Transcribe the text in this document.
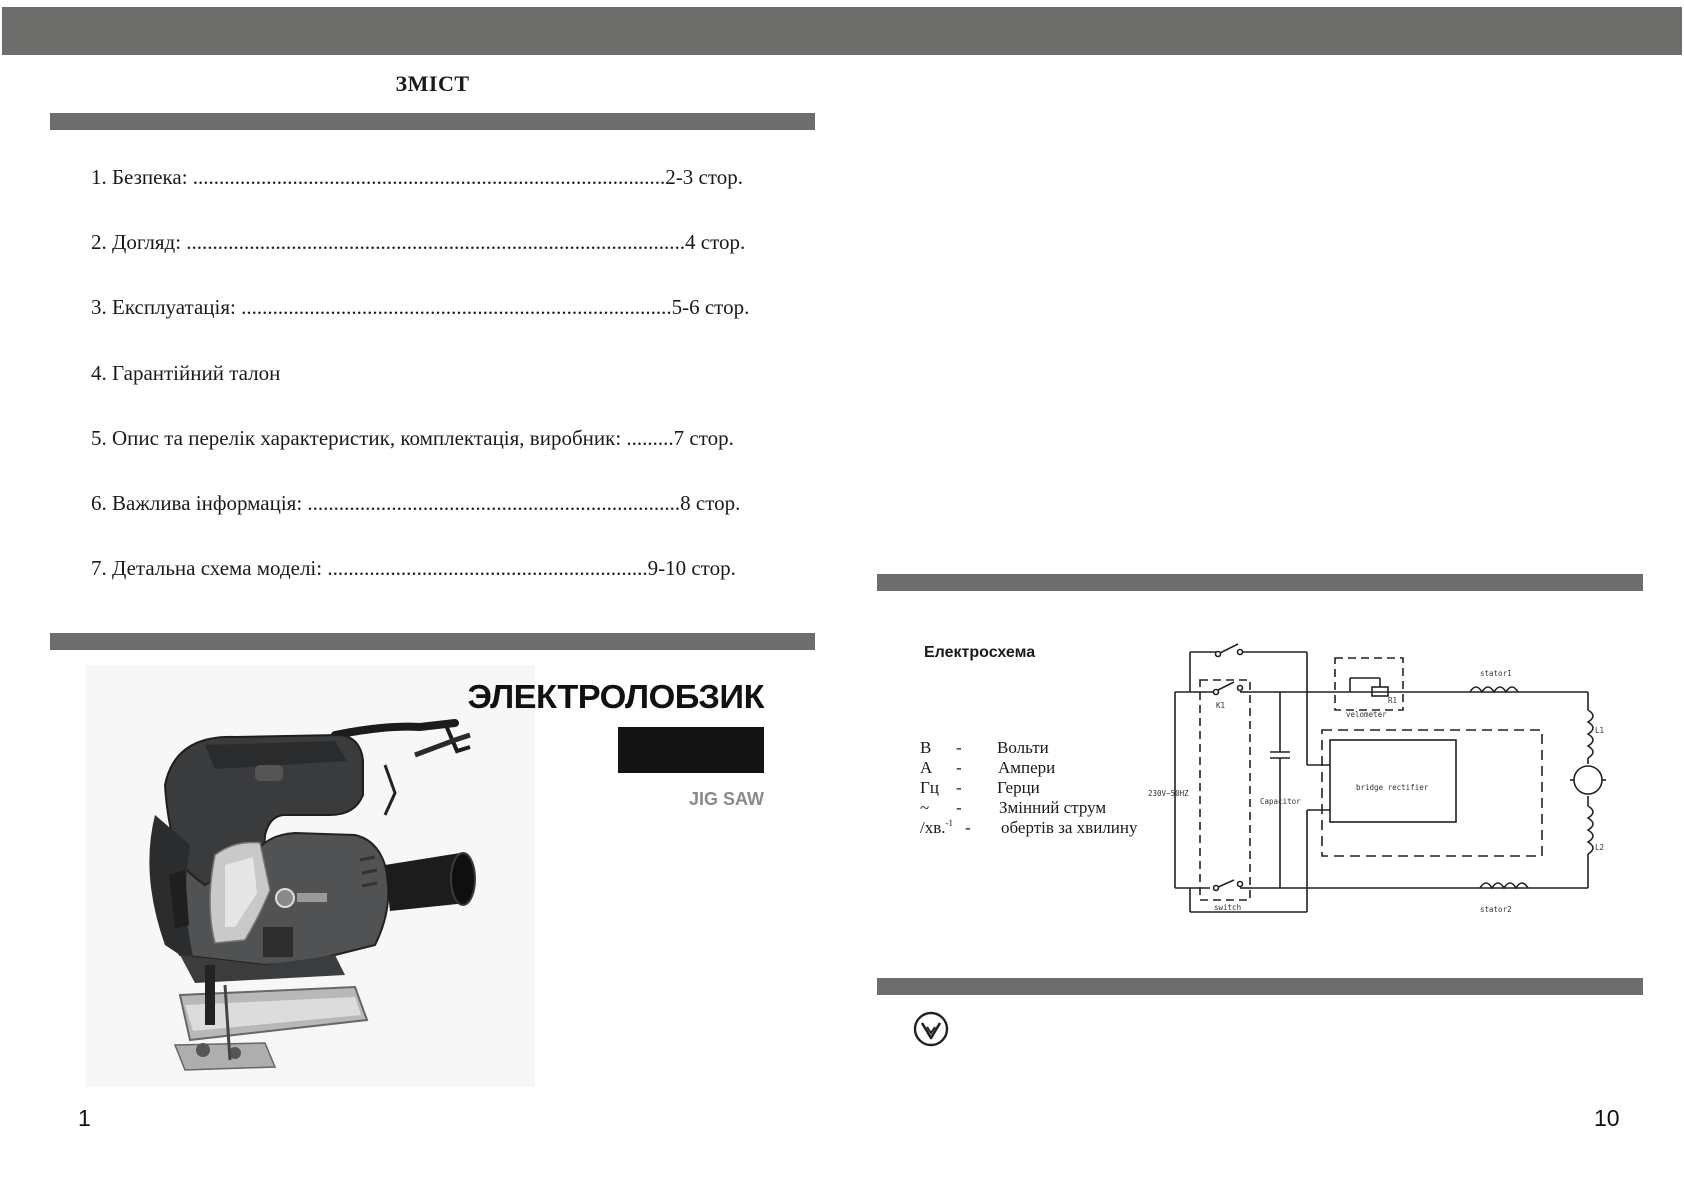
ЗМІСТ
1. Безпека: ..........................................................................................2-3 стор.
2. Догляд: ...............................................................................................4 стор.
3. Експлуатація: ..................................................................................5-6 стор.
4. Гарантійний талон
5. Опис та перелік характеристик, комплектація, виробник: .........7 стор.
6. Важлива інформація: .......................................................................8 стор.
7. Детальна схема моделі: .............................................................9-10 стор.
ЭЛЕКТРОЛОБЗИК
JIG SAW
1
Електросхема
В - Вольти
А - Ампери
Гц - Герци
~ - Змінний струм
/хв.$^{-1}$ - обертів за хвилину
K1
R1
velometer
stator1
stator2
L1
L2
230V~50HZ
Capacitor
bridge rectifier
switch
10
